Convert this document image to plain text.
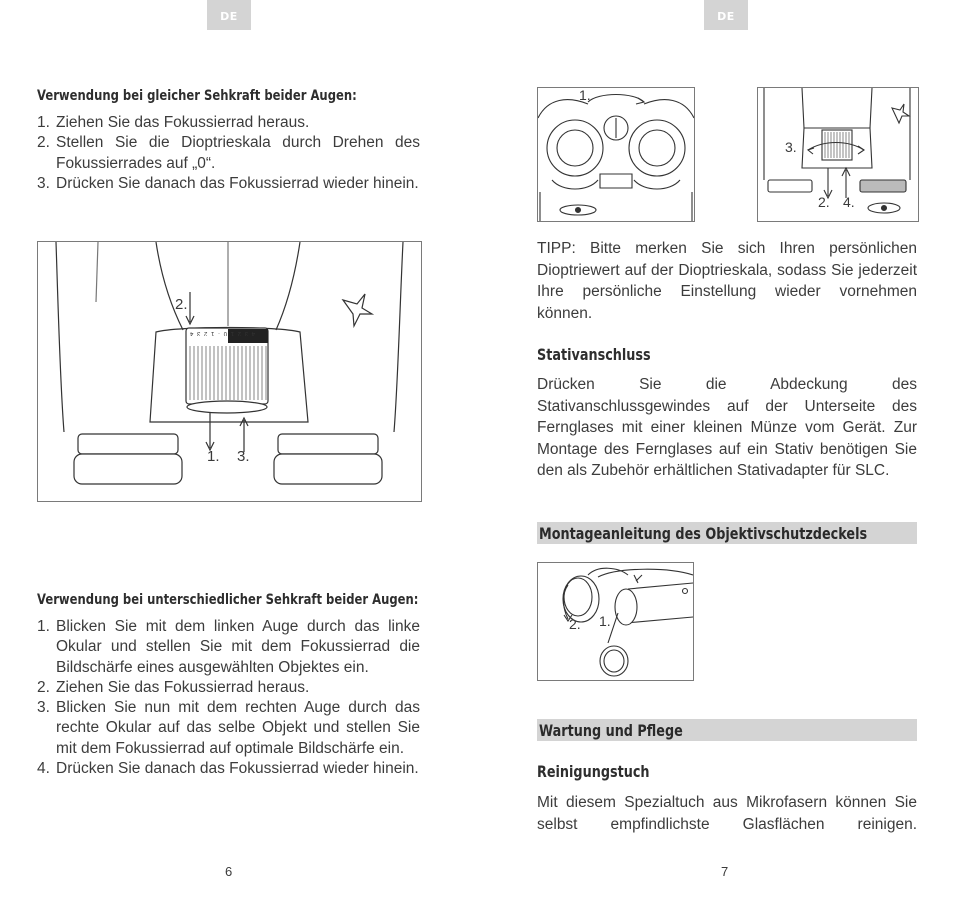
DE	DE
Verwendung bei gleicher Sehkraft beider Augen:
1. Ziehen Sie das Fokussierrad heraus.
2. Stellen Sie die Dioptrieskala durch Drehen des Fokussierrades auf „0“.
3. Drücken Sie danach das Fokussierrad wieder hinein.
2.
4 3 2 1 0 · 1 2 3 4
1. 3.
Verwendung bei unterschiedlicher Sehkraft beider Augen:
1. Blicken Sie mit dem linken Auge durch das linke Okular und stellen Sie mit dem Fokussierrad die Bildschärfe eines ausgewählten Objektes ein.
2. Ziehen Sie das Fokussierrad heraus.
3. Blicken Sie nun mit dem rechten Auge durch das rechte Okular auf das selbe Objekt und stellen Sie mit dem Fokussierrad auf optimale Bildschärfe ein.
4. Drücken Sie danach das Fokussierrad wieder hinein.
6
1.
3.
2. 4.

TIPP: Bitte merken Sie sich Ihren persönlichen Dioptriewert auf der Dioptrieskala, sodass Sie jederzeit Ihre persönliche Einstellung wieder vornehmen können.

Stativanschluss

Drücken Sie die Abdeckung des Stativanschlussgewindes auf der Unterseite des Fernglases mit einer kleinen Münze vom Gerät. Zur Montage des Fernglases auf ein Stativ benötigen Sie den als Zubehör erhältlichen Stativadapter für SLC.

Montageanleitung des Objektivschutzdeckels
2. 1.
Wartung und Pflege
Reinigungstuch

Mit diesem Spezialtuch aus Mikrofasern können Sie selbst empfindlichste Glasflächen reinigen.

7
